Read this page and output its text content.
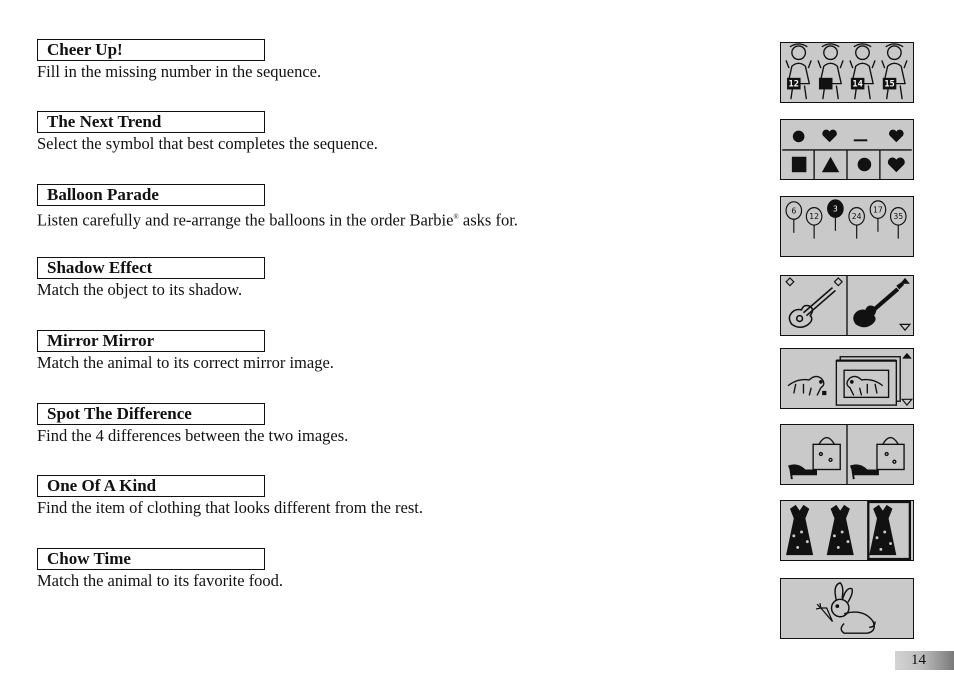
Cheer Up!
Fill in the missing number in the sequence.
The Next Trend
Select the symbol that best completes the sequence.
Balloon Parade
Listen carefully and re-arrange the balloons in the order Barbie® asks for.
Shadow Effect
Match the object to its shadow.
Mirror Mirror
Match the animal to its correct mirror image.
Spot The Difference
Find the 4 differences between the two images.
One Of A Kind
Find the item of clothing that looks different from the rest.
Chow Time
Match the animal to its favorite food.
12	14 15
6
12
3
24
17
35
14
